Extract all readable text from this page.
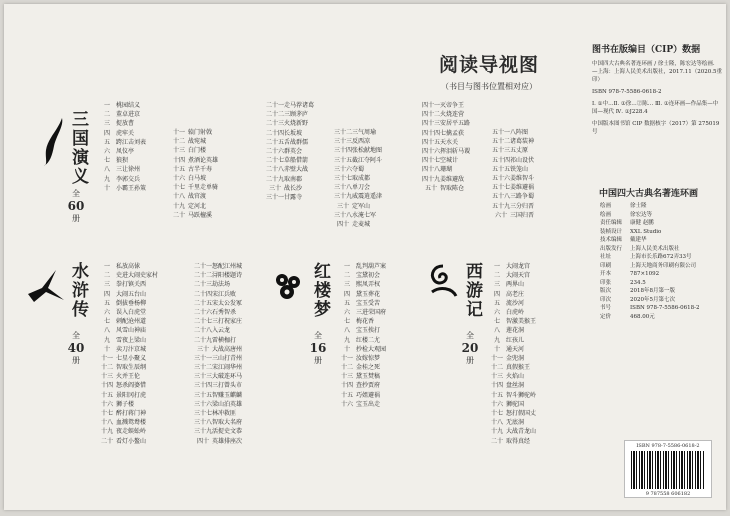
阅读导视图
（书目与图书位置相对应）
三国演义
全
60
册
一 桃园结义
二 董卓进京
三 捉放曹
四 虎牢关
五 跨江击刘表
六 凤仪亭
七 狼狈
八 三让徐州
九 李郭交兵
十 小霸王孙策
十一 辕门射戟
十二 战宛城
十三 白门楼
十四 煮酒论英雄
十五 古半千寿
十六 白马坡
十七 千里走单骑
十八 战官渡
十九 定河北
二十 马跃檀溪
二十一走马荐诸葛
二十二三顾茅庐
二十三火烧新野
二十四长坂坡
二十五舌战群儒
二十六群英会
二十七草船借箭
二十八赤壁大战
二十九取南郡
三十 战长沙
三十一甘露寺
三十二三气周瑜
三十三反西凉
三十四张松献地图
三十五截江夺阿斗
三十六夺蜀
三十七取成都
三十八单刀会
三十九威震逍遥津
三十 定军山
三十八水淹七军
四十 走麦城
四十一灭帝争王
四十二火烧连营
四十三安居平五路
四十四七擒孟获
四十五天水关
四十六挥泪斩马谡
四十七空城计
四十八珊瑚
四十九姜维避敌
五十 智取陈仓
五十一八阵图
五十二诸葛装神
五十三五丈原
五十四祁山设伏
五十五铁笼山
五十六姜维智斗
五十七姜维避祸
五十八三路争蜀
五十九三分归晋
六十 三国归晋
水浒传
全
40
册
一 私放高俅
二 史进大闹史家村
三 拳打镇关西
四 大闹五台山
五 倒拔垂杨柳
六 误入白虎堂
七 刺配沧州道
八 风雪山神庙
九 雪夜上梁山
十 卖刀汴京城
十一 七星小聚义
十二 智取生辰纲
十三 火并王伦
十四 怒杀阎婆惜
十五 景阳冈打虎
十六 狮子楼
十七 醉打蒋门神
十八 血溅鸳鸯楼
十九 夜走蜈蚣岭
二十 看灯小鳌山
二十一怒配江州城
二十二浔阳楼题诗
二十三劫法场
二十四宋江兵败
二十五宋太公发冢
二十六石秀智杀
二十七三打祝家庄
二十八入云龙
二十九雷横枷打
三十 大战高唐州
三十一三山打青州
三十二宋江闹华州
三十三大破连环马
三十四三打曾头市
三十五智赚玉麒麟
三十六梁山泊英雄
三十七林冲救匪
三十八智取大名府
三十九活捉史文恭
四十 英雄排座次
红楼梦
全
16
册
一 乱判葫芦案
二 宝黛初会
三 熙凤弄权
四 黛玉葬花
五 宝玉受苦
六 三进荣国府
七 梅花香
八 宝玉挨打
九 红楼二尤
十 抄检大观园
十一 汝嫁惊梦
十二 金桂之死
十三 黛玉焚稿
十四 查抄贾府
十五 巧姐避祸
十六 宝玉出走
西游记
全
20
册
一 大闹龙宫
二 大闹天宫
三 两界山
四 高老庄
五 流沙河
六 白虎岭
七 智激美猴王
八 莲花洞
九 红孩儿
十 通天河
十一 金兜洞
十二 真假猴王
十三 火焰山
十四 盘丝洞
十五 智斗狮驼岭
十六 狮驼国
十七 怒打假国丈
十八 无底洞
十九 大战青龙山
二十 取得真经
图书在版编目（CIP）数据

中国四大古典名著连环画 / 徐士隆，陈宏达等绘画.

—上海：上海人民美术出版社，2017.11（2020.5重印）

ISBN 978-7-5586-0618-2

Ⅰ. ①中…Ⅱ. ①徐…②陈… Ⅲ. ①连环画—作品集—中国—现代 Ⅳ. ①J228.4

中国版本图书馆 CIP 数据核字（2017）第 275019 号

中国四大古典名著连环画
绘画	徐士隆
绘画	徐宏达等
责任编辑 康健 赵鹏
装帧设计 XXL Studio
技术编辑 戴建华
出版发行 上海人民美术出版社
社址	上海市长乐路672弄33号
印刷	上海天地商务印刷有限公司
开本	787×1092
印张	234.5
版次	2018年8月第一版
印次	2020年5月第七次
书号	ISBN 978-7-5586-0618-2
定价	468.00元
ISBN 978-7-5586-0618-2
9 787558 606182
